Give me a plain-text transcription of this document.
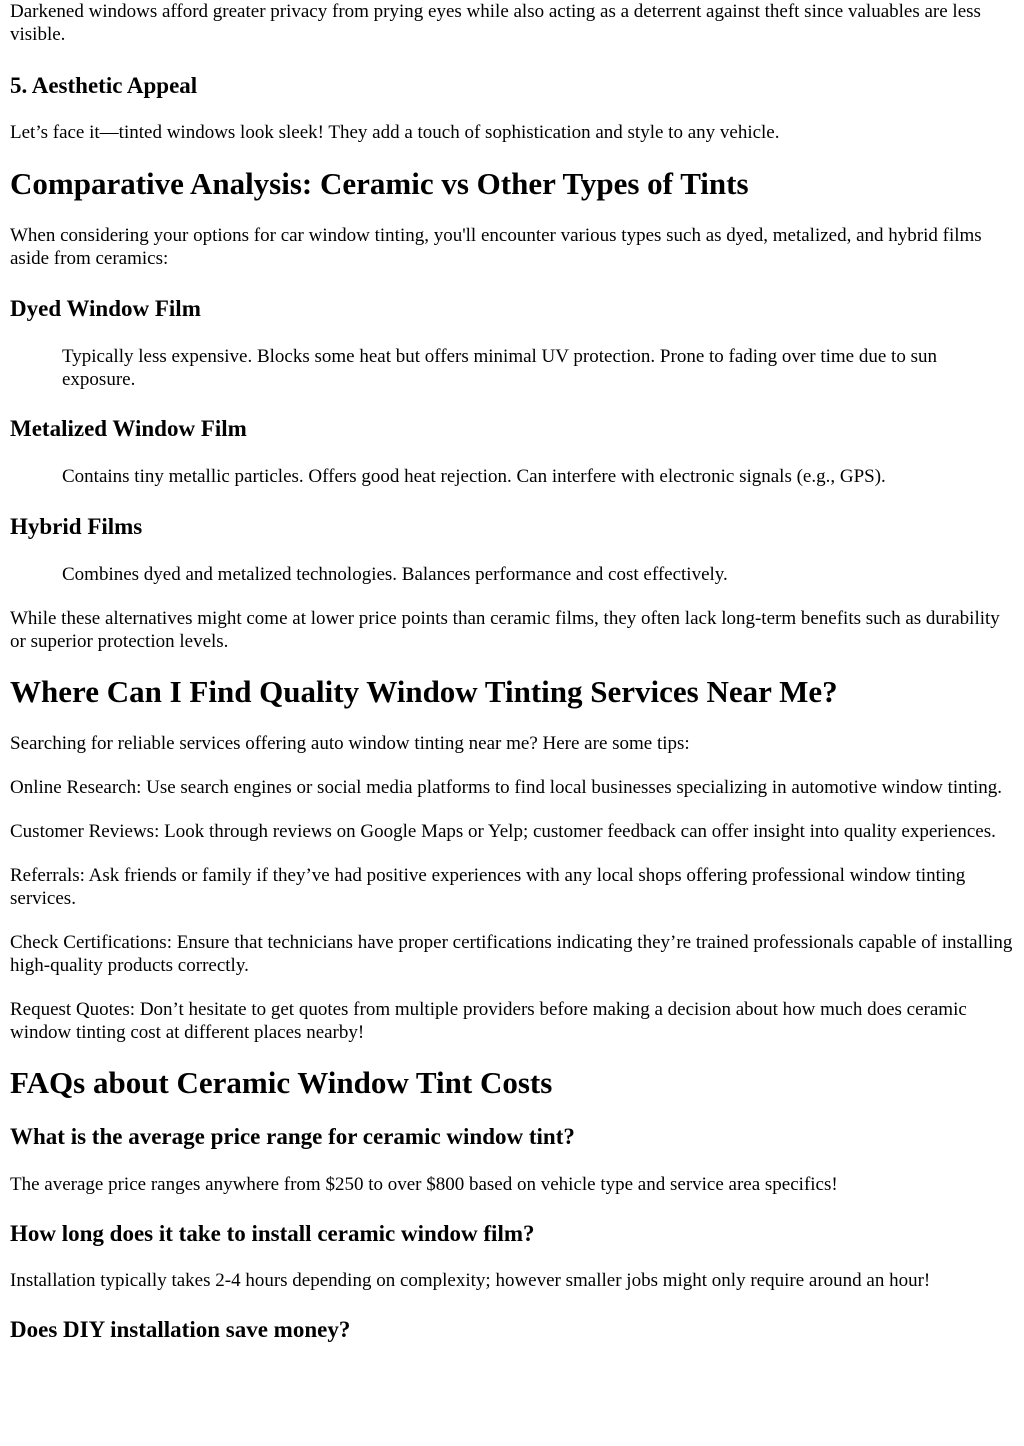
Darkened windows afford greater privacy from prying eyes while also acting as a deterrent against theft since valuables are less visible.

5. Aesthetic Appeal

Let’s face it—tinted windows look sleek! They add a touch of sophistication and style to any vehicle.

Comparative Analysis: Ceramic vs Other Types of Tints

When considering your options for car window tinting, you'll encounter various types such as dyed, metalized, and hybrid films aside from ceramics:

Dyed Window Film

Typically less expensive. Blocks some heat but offers minimal UV protection. Prone to fading over time due to sun exposure.

Metalized Window Film

Contains tiny metallic particles. Offers good heat rejection. Can interfere with electronic signals (e.g., GPS).

Hybrid Films

Combines dyed and metalized technologies. Balances performance and cost effectively.

While these alternatives might come at lower price points than ceramic films, they often lack long-term benefits such as durability or superior protection levels.

Where Can I Find Quality Window Tinting Services Near Me?

Searching for reliable services offering auto window tinting near me? Here are some tips:

Online Research: Use search engines or social media platforms to find local businesses specializing in automotive window tinting.

Customer Reviews: Look through reviews on Google Maps or Yelp; customer feedback can offer insight into quality experiences.

Referrals: Ask friends or family if they’ve had positive experiences with any local shops offering professional window tinting services.

Check Certifications: Ensure that technicians have proper certifications indicating they’re trained professionals capable of installing high-quality products correctly.

Request Quotes: Don’t hesitate to get quotes from multiple providers before making a decision about how much does ceramic window tinting cost at different places nearby!

FAQs about Ceramic Window Tint Costs
What is the average price range for ceramic window tint?

The average price ranges anywhere from $250 to over $800 based on vehicle type and service area specifics!

How long does it take to install ceramic window film?

Installation typically takes 2-4 hours depending on complexity; however smaller jobs might only require around an hour!

Does DIY installation save money?
